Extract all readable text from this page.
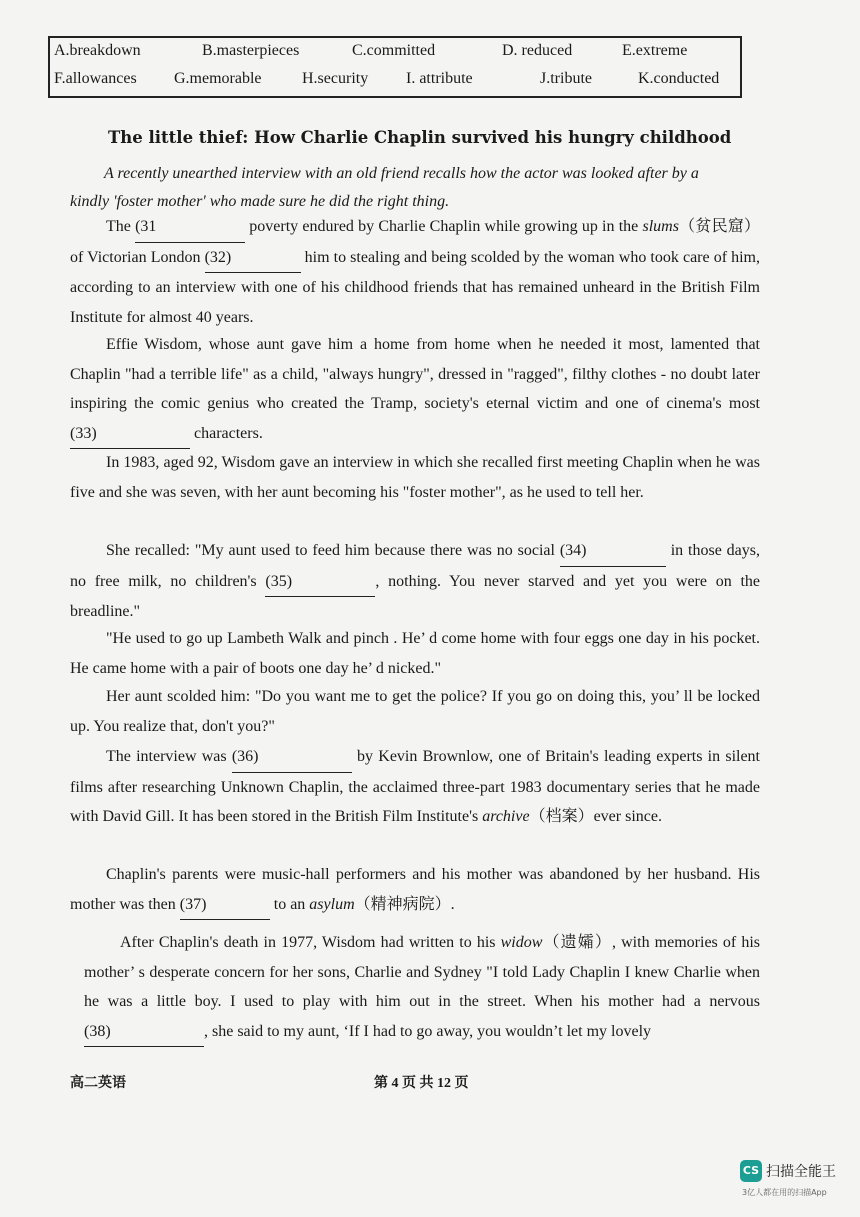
A.breakdown	B.masterpieces	C.committed	D. reduced	E.extreme
F.allowances G.memorable	H.security I. attribute	J.tribute	K.conducted
The little thief: How Charlie Chaplin survived his hungry childhood
A recently unearthed interview with an old friend recalls how the actor was looked after by a
kindly 'foster mother' who made sure he did the right thing.
The (31	poverty endured by Charlie Chaplin while growing up in the slums（贫民窟）of Victorian London (32)	him to stealing and being scolded by the woman who took care of him, according to an interview with one of his childhood friends that has remained unheard in the British Film Institute for almost 40 years.
Effie Wisdom, whose aunt gave him a home from home when he needed it most, lamented that Chaplin "had a terrible life" as a child, "always hungry", dressed in "ragged", filthy clothes - no doubt later inspiring the comic genius who created the Tramp, society's eternal victim and one of cinema's most (33)	characters.
In 1983, aged 92, Wisdom gave an interview in which she recalled first meeting Chaplin when he was five and she was seven, with her aunt becoming his "foster mother", as he used to tell her.
She recalled: "My aunt used to feed him because there was no social (34)	in those days, no free milk, no children's (35)	, nothing. You never starved and yet you were on the breadline."
"He used to go up Lambeth Walk and pinch . He’ d come home with four eggs one day in his pocket. He came home with a pair of boots one day he’ d nicked."
Her aunt scolded him: "Do you want me to get the police? If you go on doing this, you’ ll be locked up. You realize that, don't you?"
The interview was (36)	by Kevin Brownlow, one of Britain's leading experts in silent films after researching Unknown Chaplin, the acclaimed three-part 1983 documentary series that he made with David Gill. It has been stored in the British Film Institute's archive（档案）ever since.
Chaplin's parents were music-hall performers and his mother was abandoned by her husband. His mother was then (37)	to an asylum（精神病院）.
After Chaplin's death in 1977, Wisdom had written to his widow（遗孀）, with memories of his mother’ s desperate concern for her sons, Charlie and Sydney "I told Lady Chaplin I knew Charlie when he was a little boy. I used to play with him out in the street. When his mother had a nervous (38)	, she said to my aunt, ‘If I had to go away, you wouldn’t let my lovely
高二英语	第 4 页 共 12 页
CS 扫描全能王
3亿人都在用的扫描App
